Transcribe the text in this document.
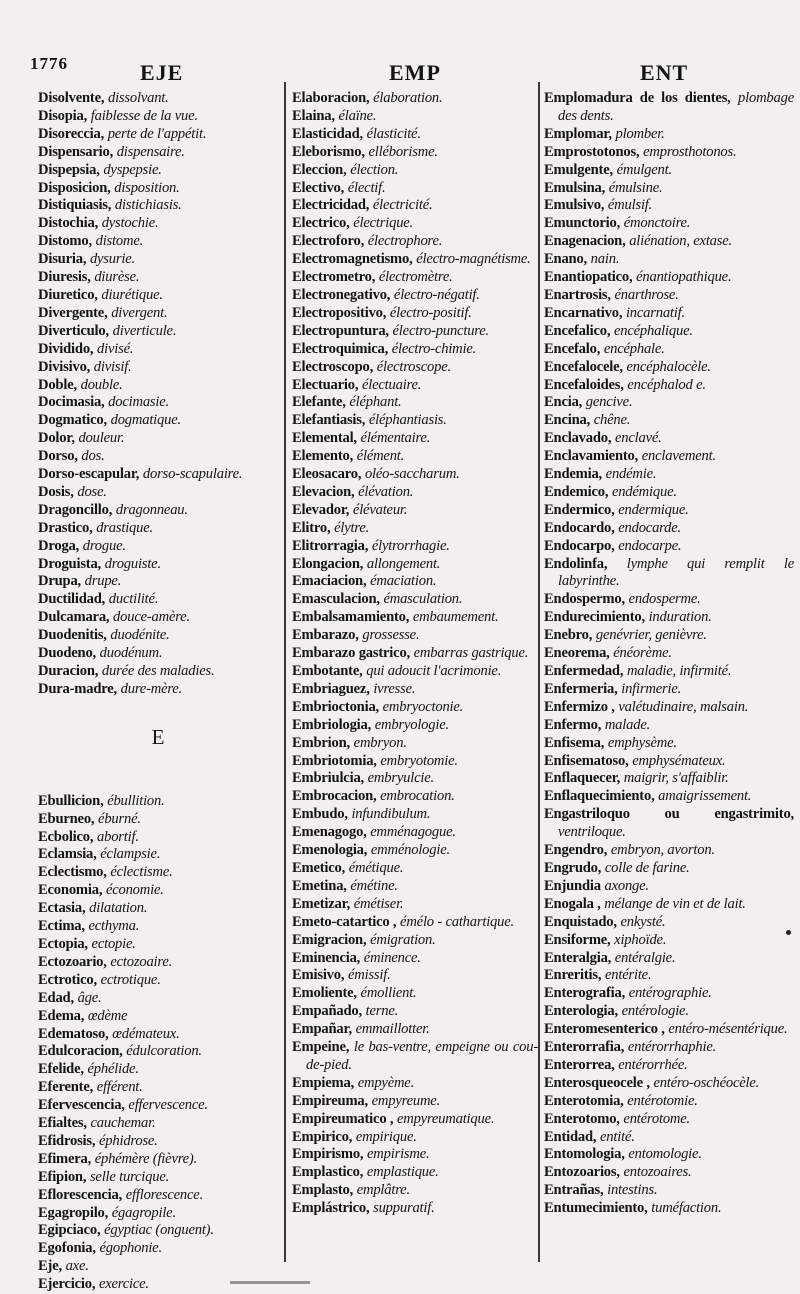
1776	EJE	EMP	ENT
Disolvente, dissolvant.
Disopia, faiblesse de la vue.
Disoreccia, perte de l'appétit.
Dispensario, dispensaire.
Dispepsia, dyspepsie.
Disposicion, disposition.
Distiquiasis, distichiasis.
Distochia, dystochie.
Distomo, distome.
Disuria, dysurie.
Diuresis, diurèse.
Diuretico, diurétique.
Divergente, divergent.
Diverticulo, diverticule.
Dividido, divisé.
Divisivo, divisif.
Doble, double.
Docimasia, docimasie.
Dogmatico, dogmatique.
Dolor, douleur.
Dorso, dos.
Dorso-escapular, dorso-scapulaire.
Dosis, dose.
Dragoncillo, dragonneau.
Drastico, drastique.
Droga, drogue.
Droguista, droguiste.
Drupa, drupe.
Ductilidad, ductilité.
Dulcamara, douce-amère.
Duodenitis, duodénite.
Duodeno, duodénum.
Duracion, durée des maladies.
Dura-madre, dure-mère.
E
Ebullicion, ébullition.
Eburneo, éburné.
Ecbolico, abortif.
Eclamsia, éclampsie.
Eclectismo, éclectisme.
Economia, économie.
Ectasia, dilatation.
Ectima, ecthyma.
Ectopia, ectopie.
Ectozoario, ectozoaire.
Ectrotico, ectrotique.
Edad, âge.
Edema, œdème
Edematoso, œdémateux.
Edulcoracion, édulcoration.
Efelide, éphélide.
Eferente, efférent.
Efervescencia, effervescence.
Efialtes, cauchemar.
Efidrosis, éphidrose.
Efimera, éphémère (fièvre).
Efipion, selle turcique.
Eflorescencia, efflorescence.
Egagropilo, égagropile.
Egipciaco, égyptiac (onguent).
Egofonia, égophonie.
Eje, axe.
Ejercicio, exercice.
Elaboracion, élaboration.
Elaina, élaïne.
Elasticidad, élasticité.
Eleborismo, elléborisme.
Eleccion, élection.
Electivo, électif.
Electricidad, électricité.
Electrico, électrique.
Electroforo, électrophore.
Electromagnetismo, électro-magnétisme.
Electrometro, électromètre.
Electronegativo, électro-négatif.
Electropositivo, électro-positif.
Electropuntura, électro-puncture.
Electroquimica, électro-chimie.
Electroscopo, électroscope.
Electuario, électuaire.
Elefante, éléphant.
Elefantiasis, éléphantiasis.
Elemental, élémentaire.
Elemento, élément.
Eleosacaro, oléo-saccharum.
Elevacion, élévation.
Elevador, élévateur.
Elitro, élytre.
Elitrorragia, élytrorrhagie.
Elongacion, allongement.
Emaciacion, émaciation.
Emasculacion, émasculation.
Embalsamamiento, embaumement.
Embarazo, grossesse.
Embarazo gastrico, embarras gastrique.
Embotante, qui adoucit l'acrimonie.
Embriaguez, ivresse.
Embrioctonia, embryoctonie.
Embriologia, embryologie.
Embrion, embryon.
Embriotomia, embryotomie.
Embriulcia, embryulcie.
Embrocacion, embrocation.
Embudo, infundibulum.
Emenagogo, emménagogue.
Emenologia, emménologie.
Emetico, émétique.
Emetina, émétine.
Emetizar, émétiser.
Emeto-catartico , émélo - cathartique.
Emigracion, émigration.
Eminencia, éminence.
Emisivo, émissif.
Emoliente, émollient.
Empañado, terne.
Empañar, emmaillotter.
Empeine, le bas-ventre, empeigne ou cou-de-pied.
Empiema, empyème.
Empireuma, empyreume.
Empireumatico , empyreumatique.
Empirico, empirique.
Empirismo, empirisme.
Emplastico, emplastique.
Emplasto, emplâtre.
Emplástrico, suppuratif.
Emplomadura de los dientes, plombage des dents.
Emplomar, plomber.
Emprostotonos, emprosthotonos.
Emulgente, émulgent.
Emulsina, émulsine.
Emulsivo, émulsif.
Emunctorio, émonctoire.
Enagenacion, aliénation, extase.
Enano, nain.
Enantiopatico, énantiopathique.
Enartrosis, énarthrose.
Encarnativo, incarnatif.
Encefalico, encéphalique.
Encefalo, encéphale.
Encefalocele, encéphalocèle.
Encefaloides, encéphalod e.
Encia, gencive.
Encina, chêne.
Enclavado, enclavé.
Enclavamiento, enclavement.
Endemia, endémie.
Endemico, endémique.
Endermico, endermique.
Endocardo, endocarde.
Endocarpo, endocarpe.
Endolinfa, lymphe qui remplit le labyrinthe.
Endospermo, endosperme.
Endurecimiento, induration.
Enebro, genévrier, genièvre.
Eneorema, énéorème.
Enfermedad, maladie, infirmité.
Enfermeria, infirmerie.
Enfermizo , valétudinaire, malsain.
Enfermo, malade.
Enfisema, emphysème.
Enfisematoso, emphysémateux.
Enflaquecer, maigrir, s'affaiblir.
Enflaquecimiento, amaigrissement.
Engastriloquo ou engastrimito, ventriloque.
Engendro, embryon, avorton.
Engrudo, colle de farine.
Enjundia axonge.
Enogala , mélange de vin et de lait.
Enquistado, enkysté.
Ensiforme, xiphoïde.
Enteralgia, entéralgie.
Enreritis, entérite.
Enterografia, entérographie.
Enterologia, entérologie.
Enteromesenterico , entéro-mésentérique.
Enterorrafia, entérorrhaphie.
Enterorrea, entérorrhée.
Enterosqueocele , entéro-oschéocèle.
Enterotomia, entérotomie.
Enterotomo, entérotome.
Entidad, entité.
Entomologia, entomologie.
Entozoarios, entozoaires.
Entrañas, intestins.
Entumecimiento, tuméfaction.
